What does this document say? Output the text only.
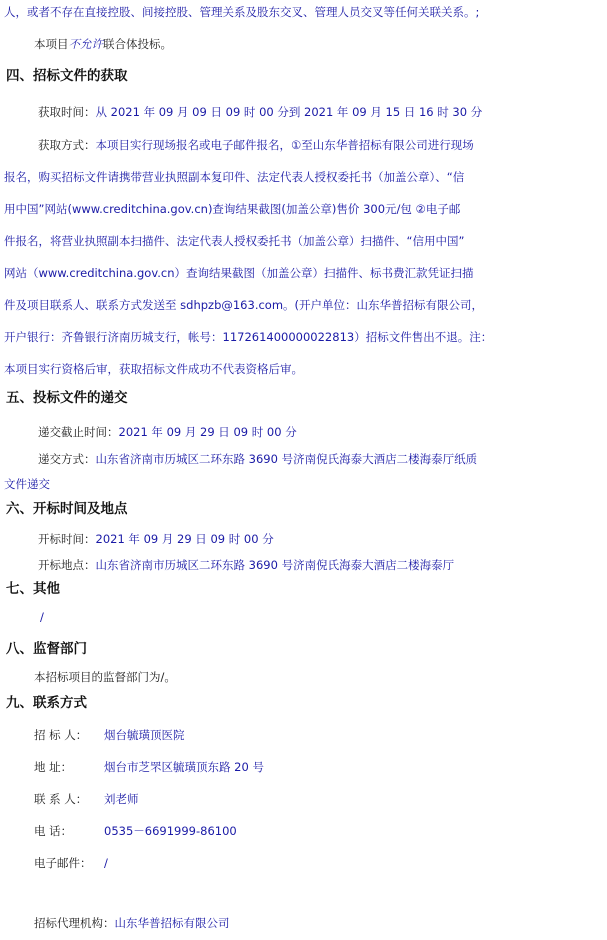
人，或者不存在直接控股、间接控股、管理关系及股东交叉、管理人员交叉等任何关联关系。;
本项目不允许联合体投标。
四、招标文件的获取
获取时间：从 2021 年 09 月 09 日 09 时 00 分到 2021 年 09 月 15 日 16 时 30 分
获取方式：本项目实行现场报名或电子邮件报名，①至山东华普招标有限公司进行现场
报名，购买招标文件请携带营业执照副本复印件、法定代表人授权委托书（加盖公章）、“信
用中国”网站(www.creditchina.gov.cn)查询结果截图(加盖公章)售价 300元/包 ②电子邮
件报名，将营业执照副本扫描件、法定代表人授权委托书（加盖公章）扫描件、“信用中国”
网站（www.creditchina.gov.cn）查询结果截图（加盖公章）扫描件、标书费汇款凭证扫描
件及项目联系人、联系方式发送至 sdhpzb@163.com。(开户单位：山东华普招标有限公司，
开户银行：齐鲁银行济南历城支行，帐号：117261400000022813）招标文件售出不退。注：
本项目实行资格后审，获取招标文件成功不代表资格后审。
五、投标文件的递交
递交截止时间：2021 年 09 月 29 日 09 时 00 分
递交方式：山东省济南市历城区二环东路 3690 号济南倪氏海泰大酒店二楼海泰厅纸质
文件递交
六、开标时间及地点
开标时间：2021 年 09 月 29 日 09 时 00 分
开标地点：山东省济南市历城区二环东路 3690 号济南倪氏海泰大酒店二楼海泰厅
七、其他
/
八、监督部门
本招标项目的监督部门为/。
九、联系方式
招 标 人： 烟台毓璜顶医院
地 址：	烟台市芝罘区毓璜顶东路 20 号
联 系 人： 刘老师
电 话：	0535－6691999-86100
电子邮件： /
招标代理机构：山东华普招标有限公司
